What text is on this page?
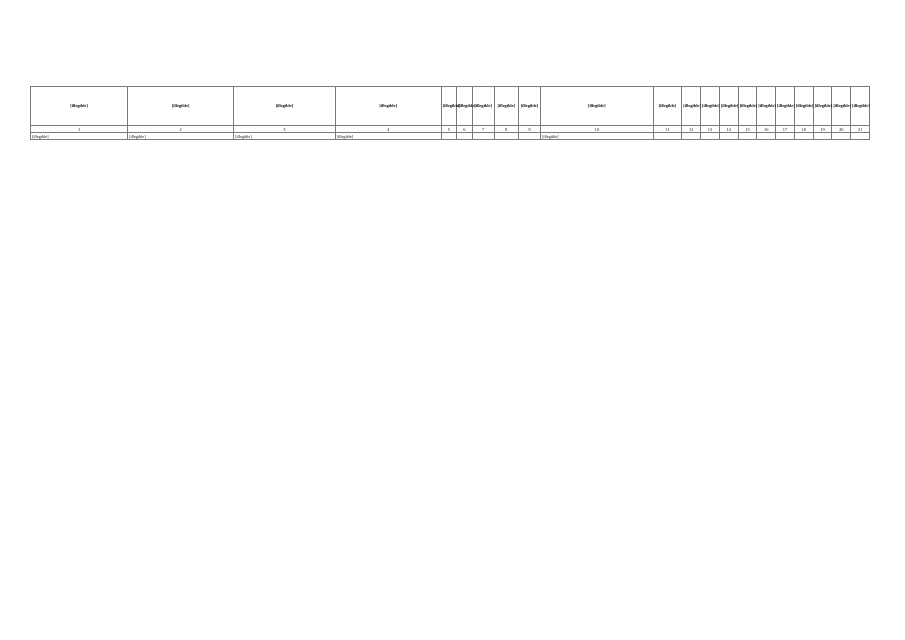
[illegible]	[illegible]	[illegible]	[illegible]	[illegible]	[illegible]	[illegible]	[illegible]	[illegible]	[illegible]	[illegible]	[illegible]	[illegible]	[illegible]	[illegible]	[illegible]	[illegible]	[illegible]	[illegible]	[illegible]	[illegible]
1	2	3	4	5	6	7	8	9	10	11	12	13	14	15	16	17	18	19	20	21
[illegible]	[illegible]	[illegible]	[illegible]						[illegible]											
